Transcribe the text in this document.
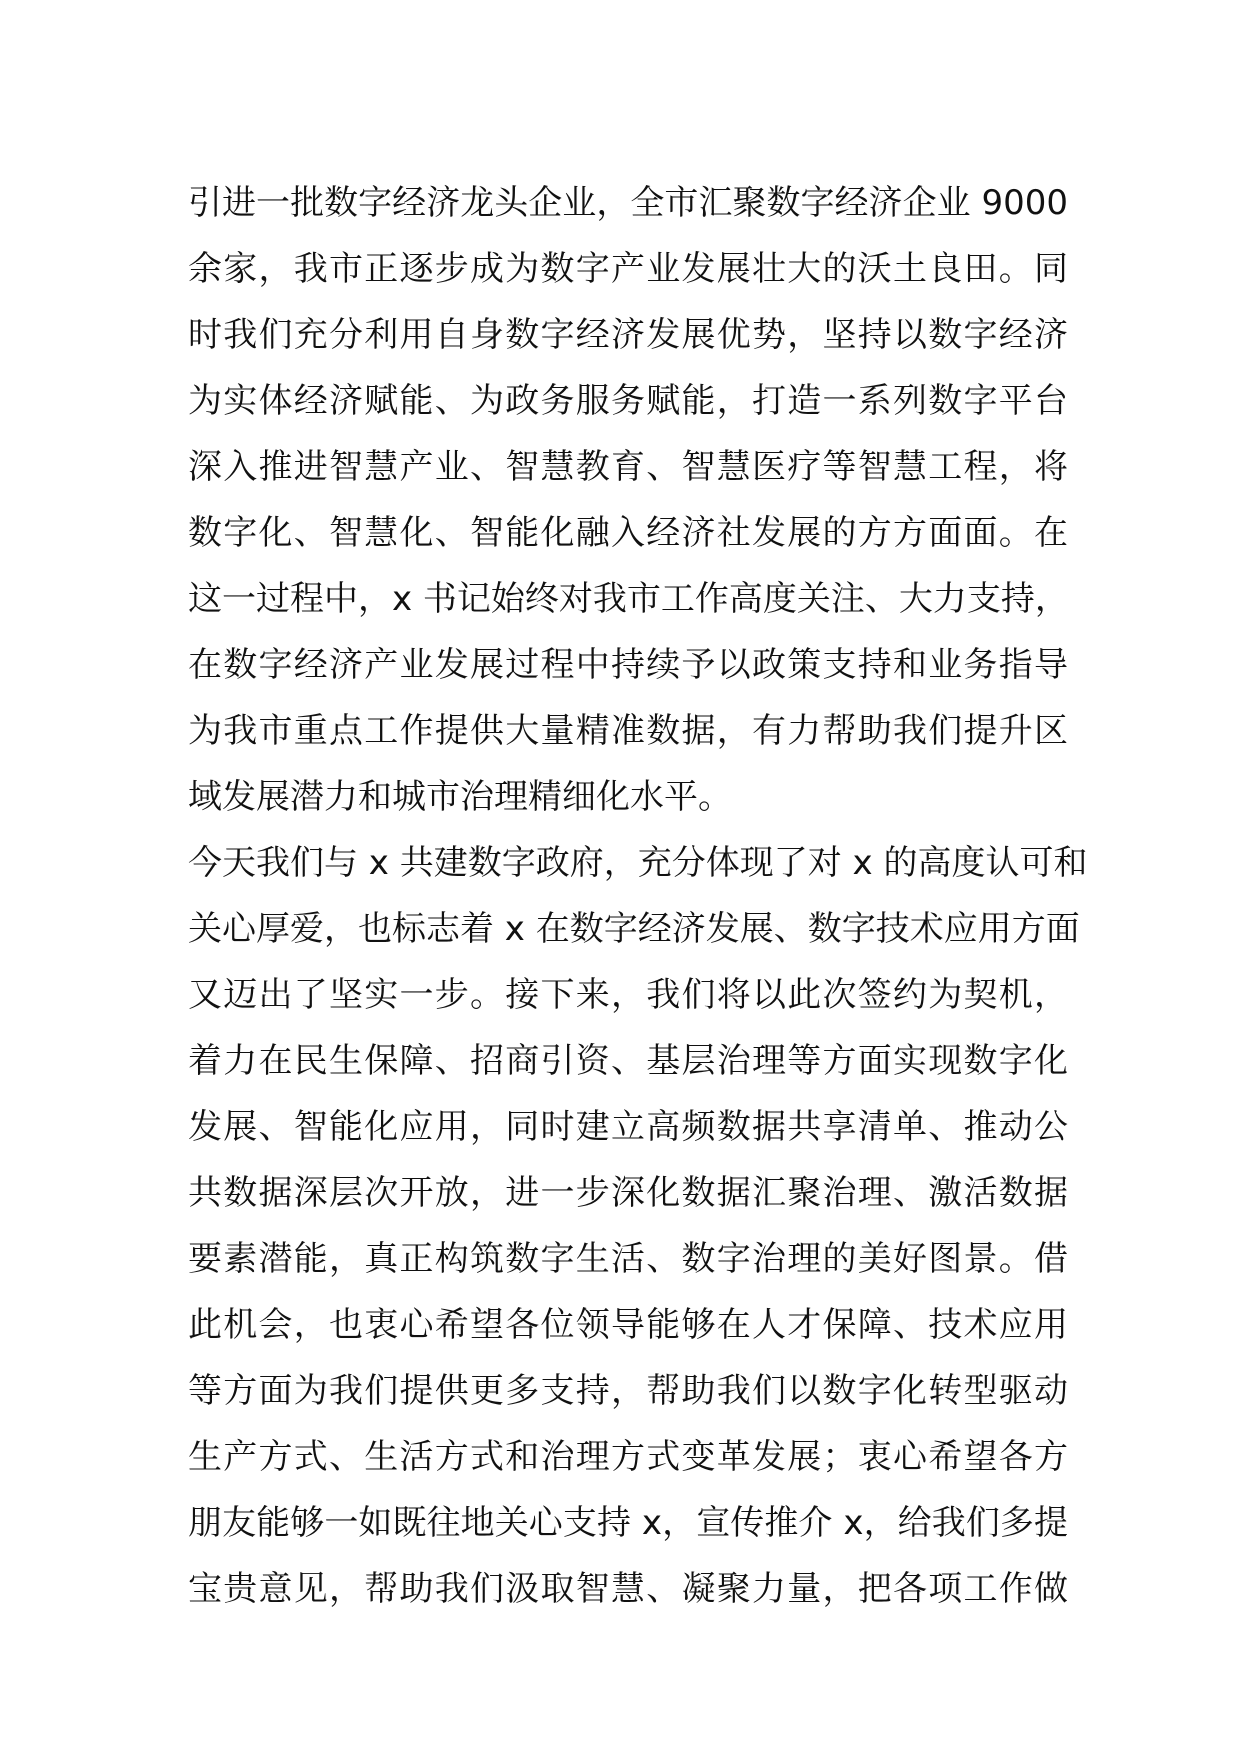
引进一批数字经济龙头企业，全市汇聚数字经济企业 9000
余家，我市正逐步成为数字产业发展壮大的沃土良田。同
时我们充分利用自身数字经济发展优势，坚持以数字经济
为实体经济赋能、为政务服务赋能，打造一系列数字平台
深入推进智慧产业、智慧教育、智慧医疗等智慧工程，将
数字化、智慧化、智能化融入经济社发展的方方面面。在
这一过程中，x 书记始终对我市工作高度关注、大力支持，
在数字经济产业发展过程中持续予以政策支持和业务指导
为我市重点工作提供大量精准数据，有力帮助我们提升区
域发展潜力和城市治理精细化水平。
今天我们与 x 共建数字政府，充分体现了对 x 的高度认可和
关心厚爱，也标志着 x 在数字经济发展、数字技术应用方面
又迈出了坚实一步。接下来，我们将以此次签约为契机，
着力在民生保障、招商引资、基层治理等方面实现数字化
发展、智能化应用，同时建立高频数据共享清单、推动公
共数据深层次开放，进一步深化数据汇聚治理、激活数据
要素潜能，真正构筑数字生活、数字治理的美好图景。借
此机会，也衷心希望各位领导能够在人才保障、技术应用
等方面为我们提供更多支持，帮助我们以数字化转型驱动
生产方式、生活方式和治理方式变革发展；衷心希望各方
朋友能够一如既往地关心支持 x，宣传推介 x，给我们多提
宝贵意见，帮助我们汲取智慧、凝聚力量，把各项工作做
